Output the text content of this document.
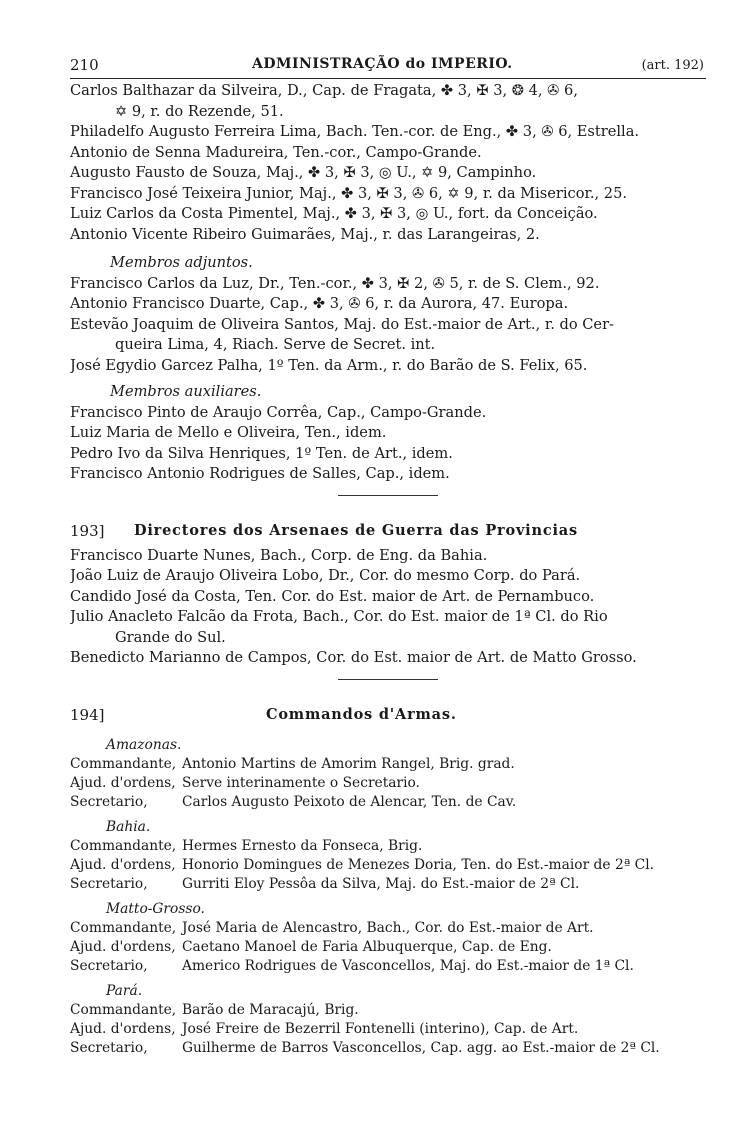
210	ADMINISTRAÇÃO do IMPERIO.	(art. 192)
Carlos Balthazar da Silveira, D., Cap. de Fragata, ✤ 3, ✠ 3, ❂ 4, ✇ 6,
✡ 9, r. do Rezende, 51.
Philadelfo Augusto Ferreira Lima, Bach. Ten.-cor. de Eng., ✤ 3, ✇ 6, Estrella.
Antonio de Senna Madureira, Ten.-cor., Campo-Grande.
Augusto Fausto de Souza, Maj., ✤ 3, ✠ 3, ◎ U., ✡ 9, Campinho.
Francisco José Teixeira Junior, Maj., ✤ 3, ✠ 3, ✇ 6, ✡ 9, r. da Misericor., 25.
Luiz Carlos da Costa Pimentel, Maj., ✤ 3, ✠ 3, ◎ U., fort. da Conceição.
Antonio Vicente Ribeiro Guimarães, Maj., r. das Larangeiras, 2.
Membros adjuntos.
Francisco Carlos da Luz, Dr., Ten.-cor., ✤ 3, ✠ 2, ✇ 5, r. de S. Clem., 92.
Antonio Francisco Duarte, Cap., ✤ 3, ✇ 6, r. da Aurora, 47. Europa.
Estevão Joaquim de Oliveira Santos, Maj. do Est.-maior de Art., r. do Cer-
queira Lima, 4, Riach. Serve de Secret. int.
José Egydio Garcez Palha, 1º Ten. da Arm., r. do Barão de S. Felix, 65.
Membros auxiliares.
Francisco Pinto de Araujo Corrêa, Cap., Campo-Grande.
Luiz Maria de Mello e Oliveira, Ten., idem.
Pedro Ivo da Silva Henriques, 1º Ten. de Art., idem.
Francisco Antonio Rodrigues de Salles, Cap., idem.
193] Directores dos Arsenaes de Guerra das Provincias
Francisco Duarte Nunes, Bach., Corp. de Eng. da Bahia.
João Luiz de Araujo Oliveira Lobo, Dr., Cor. do mesmo Corp. do Pará.
Candido José da Costa, Ten. Cor. do Est. maior de Art. de Pernambuco.
Julio Anacleto Falcão da Frota, Bach., Cor. do Est. maior de 1ª Cl. do Rio
Grande do Sul.
Benedicto Marianno de Campos, Cor. do Est. maior de Art. de Matto Grosso.
194]	Commandos d'Armas.
Amazonas.
Commandante, Antonio Martins de Amorim Rangel, Brig. grad.
Ajud. d'ordens, Serve interinamente o Secretario.
Secretario, Carlos Augusto Peixoto de Alencar, Ten. de Cav.
Bahia.
Commandante, Hermes Ernesto da Fonseca, Brig.
Ajud. d'ordens, Honorio Domingues de Menezes Doria, Ten. do Est.-maior de 2ª Cl.
Secretario, Gurriti Eloy Pessôa da Silva, Maj. do Est.-maior de 2ª Cl.
Matto-Grosso.
Commandante, José Maria de Alencastro, Bach., Cor. do Est.-maior de Art.
Ajud. d'ordens, Caetano Manoel de Faria Albuquerque, Cap. de Eng.
Secretario, Americo Rodrigues de Vasconcellos, Maj. do Est.-maior de 1ª Cl.
Pará.
Commandante, Barão de Maracajú, Brig.
Ajud. d'ordens, José Freire de Bezerril Fontenelli (interino), Cap. de Art.
Secretario, Guilherme de Barros Vasconcellos, Cap. agg. ao Est.-maior de 2ª Cl.
